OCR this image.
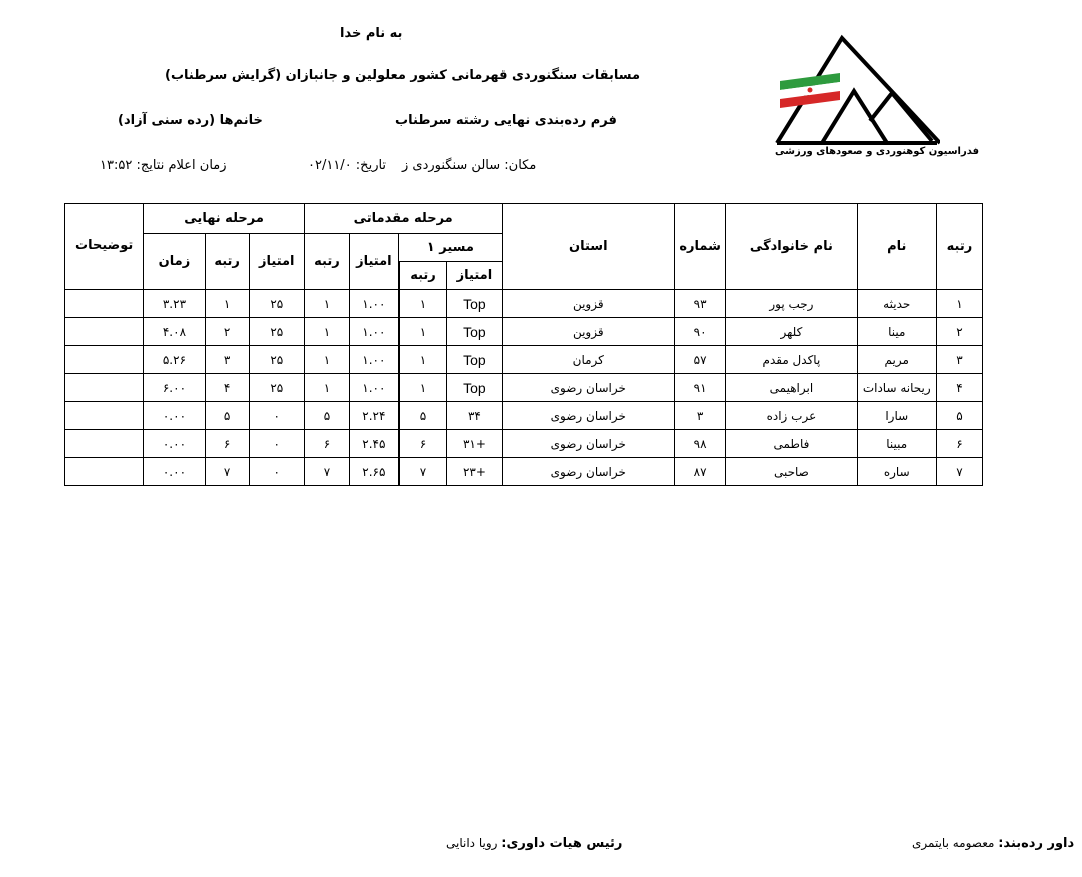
به نام خدا
مسابقات سنگنوردی قهرمانی کشور معلولین و جانبازان (گرایش سرطناب)
فرم رده‌بندی نهایی رشته سرطناب
خانم‌ها (رده سنی آزاد)
مکان: سالن سنگنوردی ز
تاریخ: ۰۲/۱۱/۰
زمان اعلام نتایج: ۱۳:۵۲
فدراسیون کوهنوردی و صعودهای ورزشی
رتبه	نام	نام خانوادگی	شماره	استان	مرحله مقدماتی				مرحله نهایی			توضیحات
					مسیر ۱		امتیاز	رتبه	امتیاز	رتبه	زمان	
					امتیاز	رتبه						
۱	حدیثه	رجب پور	۹۳	قزوین	Top	۱	۱.۰۰	۱	۲۵	۱	۳.۲۳	
۲	مینا	کلهر	۹۰	قزوین	Top	۱	۱.۰۰	۱	۲۵	۲	۴.۰۸	
۳	مریم	پاکدل مقدم	۵۷	کرمان	Top	۱	۱.۰۰	۱	۲۵	۳	۵.۲۶	
۴	ریحانه سادات	ابراهیمی	۹۱	خراسان رضوی	Top	۱	۱.۰۰	۱	۲۵	۴	۶.۰۰	
۵	سارا	عرب زاده	۳	خراسان رضوی	۳۴	۵	۲.۲۴	۵	۰	۵	۰.۰۰	
۶	مبینا	فاطمی	۹۸	خراسان رضوی	+۳۱	۶	۲.۴۵	۶	۰	۶	۰.۰۰	
۷	ساره	صاحبی	۸۷	خراسان رضوی	+۲۳	۷	۲.۶۵	۷	۰	۷	۰.۰۰	
داور رده‌بند: معصومه بایتمری
رئیس هیات داوری: رویا دانایی
